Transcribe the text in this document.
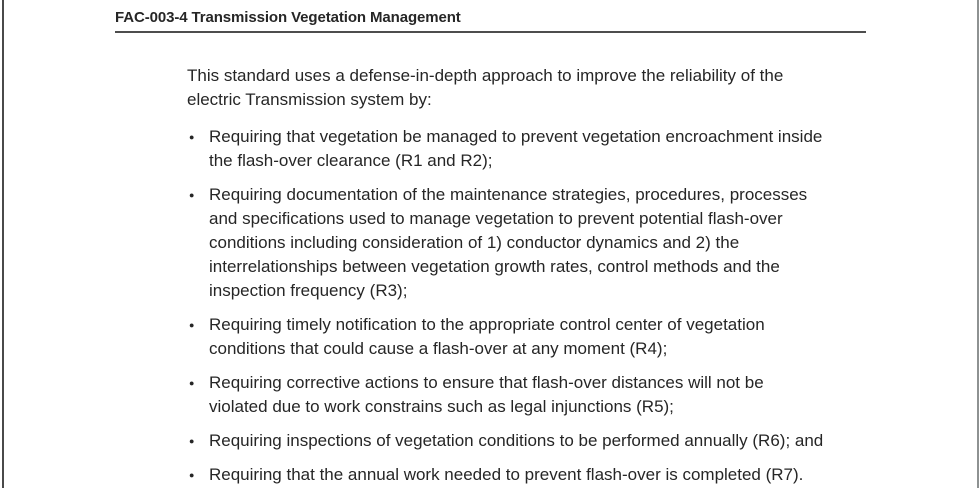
FAC-003-4 Transmission Vegetation Management

This standard uses a defense-in-depth approach to improve the reliability of the electric Transmission system by:

● Requiring that vegetation be managed to prevent vegetation encroachment inside the flash-over clearance (R1 and R2);
● Requiring documentation of the maintenance strategies, procedures, processes and specifications used to manage vegetation to prevent potential flash-over conditions including consideration of 1) conductor dynamics and 2) the interrelationships between vegetation growth rates, control methods and the inspection frequency (R3);
● Requiring timely notification to the appropriate control center of vegetation conditions that could cause a flash-over at any moment (R4);
● Requiring corrective actions to ensure that flash-over distances will not be violated due to work constrains such as legal injunctions (R5);
● Requiring inspections of vegetation conditions to be performed annually (R6); and
● Requiring that the annual work needed to prevent flash-over is completed (R7).
